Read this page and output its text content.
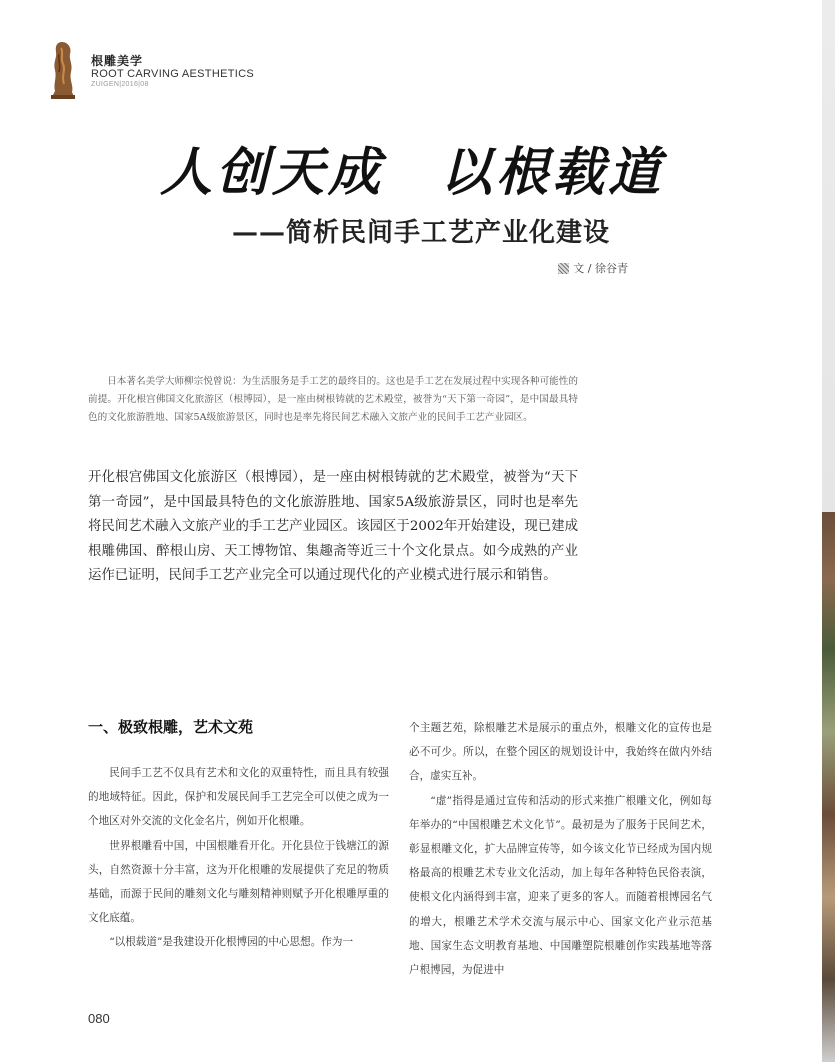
根雕美学
ROOT CARVING AESTHETICS
ZUIGEN|2016|08
人创天成　以根载道
——简析民间手工艺产业化建设
文 / 徐谷青
日本著名美学大师柳宗悦曾说：为生活服务是手工艺的最终目的。这也是手工艺在发展过程中实现各种可能性的前提。开化根宫佛国文化旅游区（根博园），是一座由树根铸就的艺术殿堂，被誉为“天下第一奇园”，是中国最具特色的文化旅游胜地、国家5A级旅游景区，同时也是率先将民间艺术融入文旅产业的民间手工艺产业园区。
开化根宫佛国文化旅游区（根博园），是一座由树根铸就的艺术殿堂，被誉为“天下第一奇园”，是中国最具特色的文化旅游胜地、国家5A级旅游景区，同时也是率先将民间艺术融入文旅产业的手工艺产业园区。该园区于2002年开始建设，现已建成根雕佛国、醉根山房、天工博物馆、集趣斋等近三十个文化景点。如今成熟的产业运作已证明，民间手工艺产业完全可以通过现代化的产业模式进行展示和销售。
一、极致根雕，艺术文苑

民间手工艺不仅具有艺术和文化的双重特性，而且具有较强的地域特征。因此，保护和发展民间手工艺完全可以使之成为一个地区对外交流的文化金名片，例如开化根雕。

世界根雕看中国，中国根雕看开化。开化县位于钱塘江的源头，自然资源十分丰富，这为开化根雕的发展提供了充足的物质基础，而源于民间的雕刻文化与雕刻精神则赋予开化根雕厚重的文化底蕴。

“以根载道”是我建设开化根博园的中心思想。作为一

个主题艺苑，除根雕艺术是展示的重点外，根雕文化的宣传也是必不可少。所以，在整个园区的规划设计中，我始终在做内外结合，虚实互补。

“虚”指得是通过宣传和活动的形式来推广根雕文化，例如每年举办的“中国根雕艺术文化节”。最初是为了服务于民间艺术，彰显根雕文化，扩大品牌宣传等，如今该文化节已经成为国内规格最高的根雕艺术专业文化活动，加上每年各种特色民俗表演，使根文化内涵得到丰富，迎来了更多的客人。而随着根博园名气的增大，根雕艺术学术交流与展示中心、国家文化产业示范基地、国家生态文明教育基地、中国雕塑院根雕创作实践基地等落户根博园，为促进中

080
